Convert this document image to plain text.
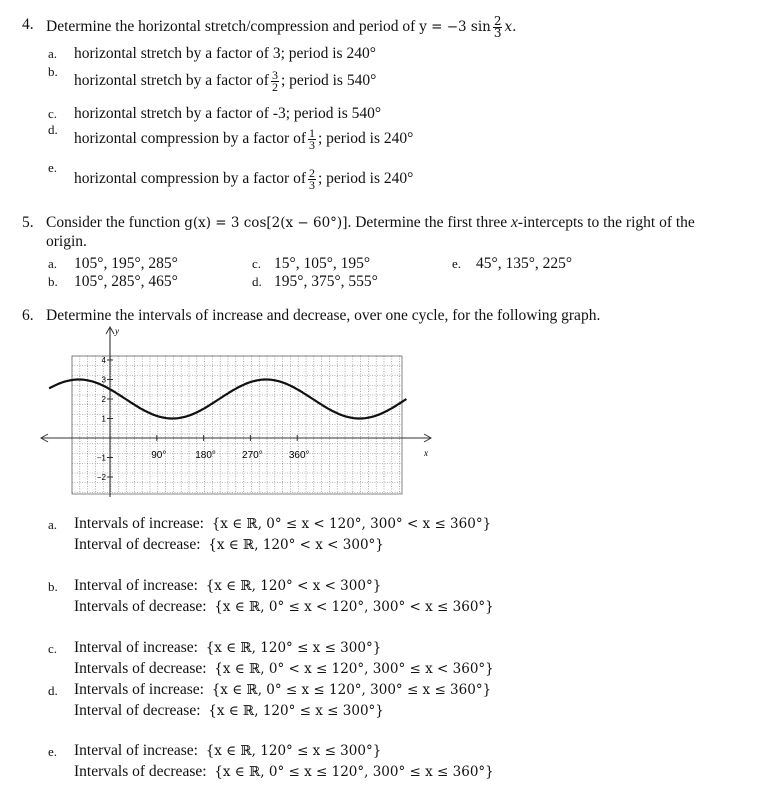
4. Determine the horizontal stretch/compression and period of y = −3 $\sin \frac{2}{3} x$.
a. horizontal stretch by a factor of 3; period is 240°
b.
horizontal stretch by a factor of $\frac{3}{2}$ ; period is 540°
c. horizontal stretch by a factor of -3; period is 540°
d.
horizontal compression by a factor of $\frac{1}{3}$ ; period is 240°
e.
horizontal compression by a factor of $\frac{2}{3}$ ; period is 240°
5. Consider the function g(x) = 3 cos[2(x − 60°)]. Determine the first three x-intercepts to the right of the
origin.
a. 105°, 195°, 285°
b. 105°, 285°, 465°
c. 15°, 105°, 195°
d. 195°, 375°, 555°
e. 45°, 135°, 225°
6. Determine the intervals of increase and decrease, over one cycle, for the following graph.
90°	180°	270°	360°
4
3
2
1
−1
−2
y
x
a. Intervals of increase: {x ∈ ℝ, 0° ≤ x < 120°, 300° < x ≤ 360°}
Interval of decrease: {x ∈ ℝ, 120° < x < 300°}
b. Interval of increase: {x ∈ ℝ, 120° < x < 300°}
Intervals of decrease: {x ∈ ℝ, 0° ≤ x < 120°, 300° < x ≤ 360°}
c. Interval of increase: {x ∈ ℝ, 120° ≤ x ≤ 300°}
Intervals of decrease: {x ∈ ℝ, 0° < x ≤ 120°, 300° ≤ x < 360°}
d. Intervals of increase: {x ∈ ℝ, 0° ≤ x ≤ 120°, 300° ≤ x ≤ 360°}
Interval of decrease: {x ∈ ℝ, 120° ≤ x ≤ 300°}
e. Interval of increase: {x ∈ ℝ, 120° ≤ x ≤ 300°}
Intervals of decrease: {x ∈ ℝ, 0° ≤ x ≤ 120°, 300° ≤ x ≤ 360°}
